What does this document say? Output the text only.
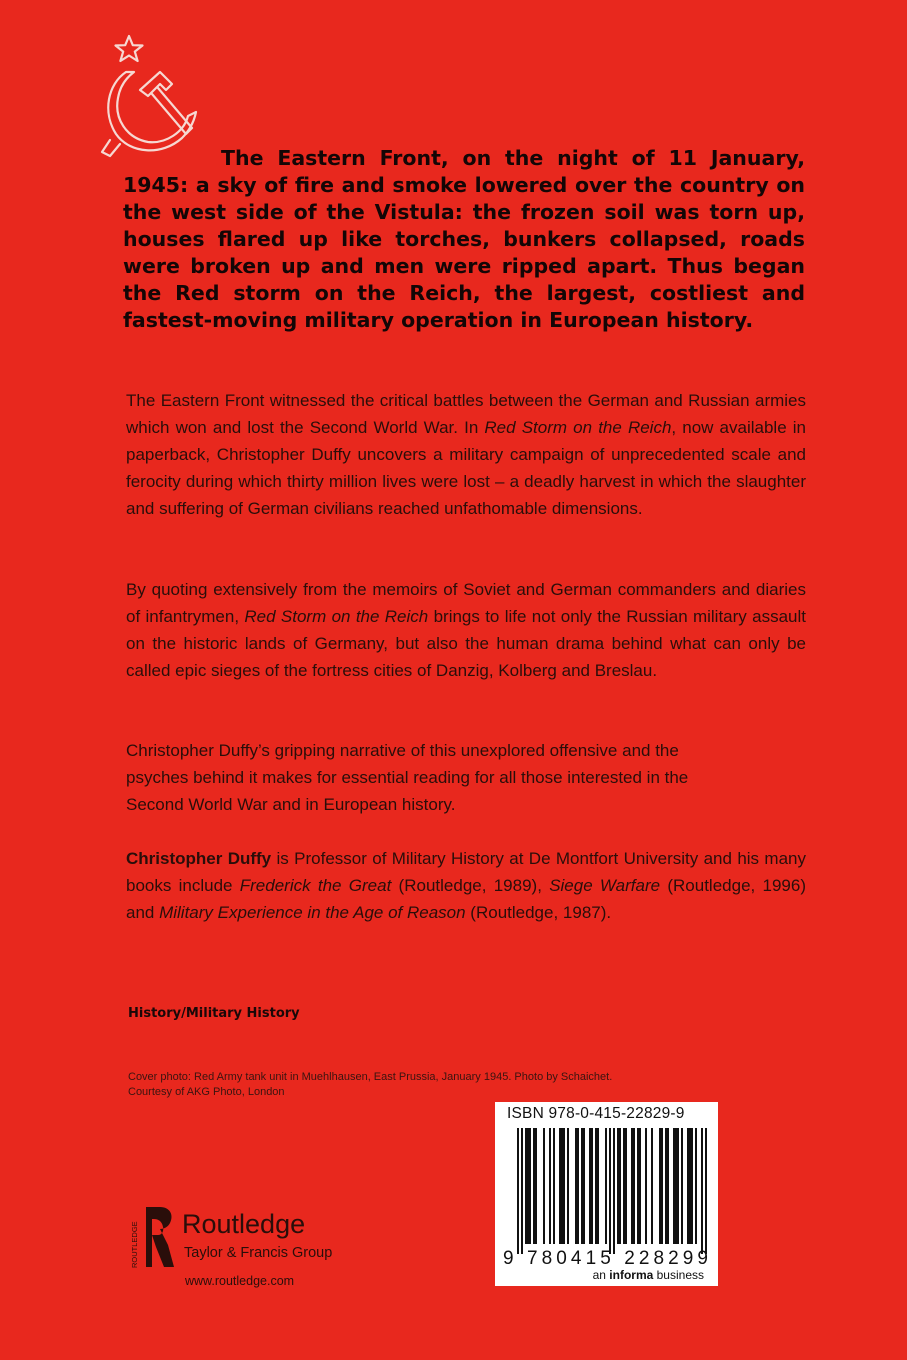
The Eastern Front, on the night of 11 January, 1945: a sky of fire and smoke lowered over the country on the west side of the Vistula: the frozen soil was torn up, houses flared up like torches, bunkers collapsed, roads were broken up and men were ripped apart. Thus began the Red storm on the Reich, the largest, costliest and fastest-moving military operation in European history.

The Eastern Front witnessed the critical battles between the German and Russian armies which won and lost the Second World War. In Red Storm on the Reich, now available in paperback, Christopher Duffy uncovers a military campaign of unprecedented scale and ferocity during which thirty million lives were lost – a deadly harvest in which the slaughter and suffering of German civilians reached unfathomable dimensions.

By quoting extensively from the memoirs of Soviet and German commanders and diaries of infantrymen, Red Storm on the Reich brings to life not only the Russian military assault on the historic lands of Germany, but also the human drama behind what can only be called epic sieges of the fortress cities of Danzig, Kolberg and Breslau.

Christopher Duffy’s gripping narrative of this unexplored offensive and the psyches behind it makes for essential reading for all those interested in the Second World War and in European history.

Christopher Duffy is Professor of Military History at De Montfort University and his many books include Frederick the Great (Routledge, 1989), Siege Warfare (Routledge, 1996) and Military Experience in the Age of Reason (Routledge, 1987).

History/Military History
Cover photo: Red Army tank unit in Muehlhausen, East Prussia, January 1945. Photo by Schaichet.
Courtesy of AKG Photo, London
ISBN 978-0-415-22829-9
9 780415 228299
an informa business
ROUTLEDGE Routledge
Taylor & Francis Group
www.routledge.com
